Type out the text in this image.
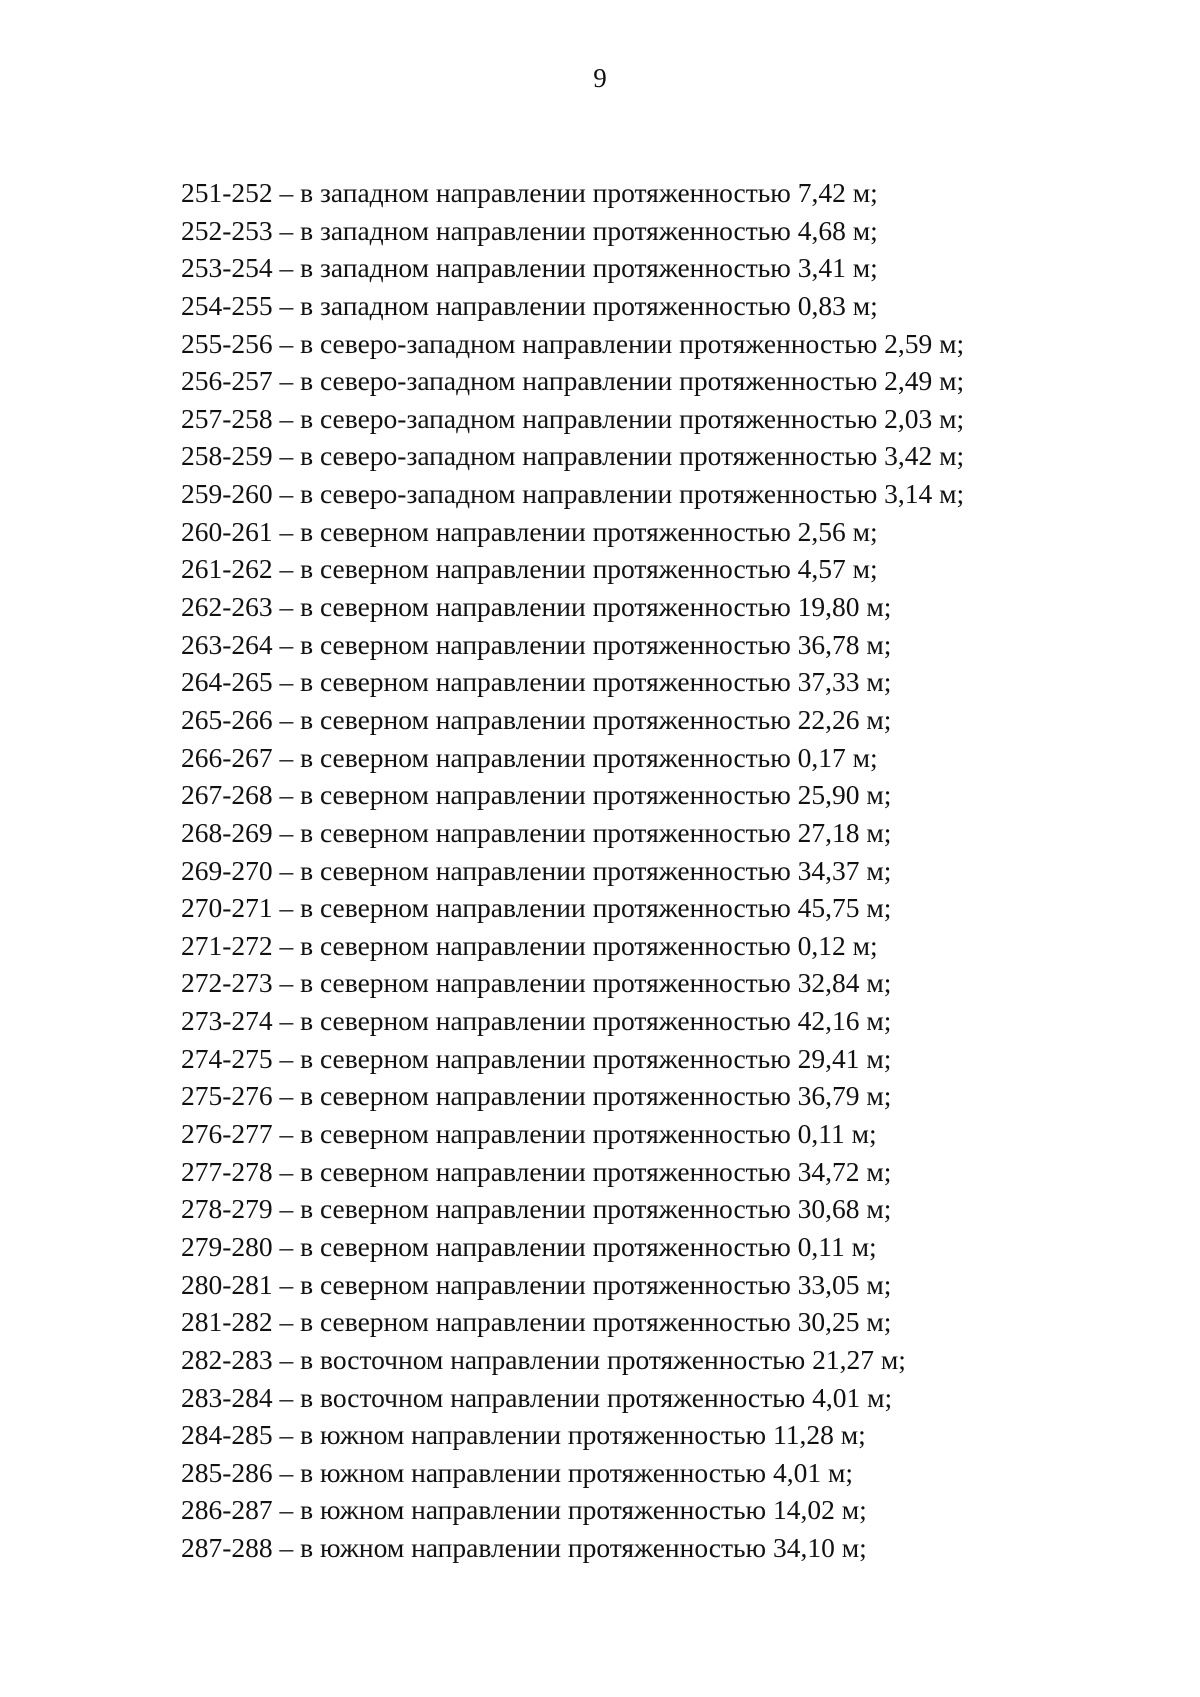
9
251-252 – в западном направлении протяженностью 7,42 м;
252-253 – в западном направлении протяженностью 4,68 м;
253-254 – в западном направлении протяженностью 3,41 м;
254-255 – в западном направлении протяженностью 0,83 м;
255-256 – в северо-западном направлении протяженностью 2,59 м;
256-257 – в северо-западном направлении протяженностью 2,49 м;
257-258 – в северо-западном направлении протяженностью 2,03 м;
258-259 – в северо-западном направлении протяженностью 3,42 м;
259-260 – в северо-западном направлении протяженностью 3,14 м;
260-261 – в северном направлении протяженностью 2,56 м;
261-262 – в северном направлении протяженностью 4,57 м;
262-263 – в северном направлении протяженностью 19,80 м;
263-264 – в северном направлении протяженностью 36,78 м;
264-265 – в северном направлении протяженностью 37,33 м;
265-266 – в северном направлении протяженностью 22,26 м;
266-267 – в северном направлении протяженностью 0,17 м;
267-268 – в северном направлении протяженностью 25,90 м;
268-269 – в северном направлении протяженностью 27,18 м;
269-270 – в северном направлении протяженностью 34,37 м;
270-271 – в северном направлении протяженностью 45,75 м;
271-272 – в северном направлении протяженностью 0,12 м;
272-273 – в северном направлении протяженностью 32,84 м;
273-274 – в северном направлении протяженностью 42,16 м;
274-275 – в северном направлении протяженностью 29,41 м;
275-276 – в северном направлении протяженностью 36,79 м;
276-277 – в северном направлении протяженностью 0,11 м;
277-278 – в северном направлении протяженностью 34,72 м;
278-279 – в северном направлении протяженностью 30,68 м;
279-280 – в северном направлении протяженностью 0,11 м;
280-281 – в северном направлении протяженностью 33,05 м;
281-282 – в северном направлении протяженностью 30,25 м;
282-283 – в восточном направлении протяженностью 21,27 м;
283-284 – в восточном направлении протяженностью 4,01 м;
284-285 – в южном направлении протяженностью 11,28 м;
285-286 – в южном направлении протяженностью 4,01 м;
286-287 – в южном направлении протяженностью 14,02 м;
287-288 – в южном направлении протяженностью 34,10 м;
